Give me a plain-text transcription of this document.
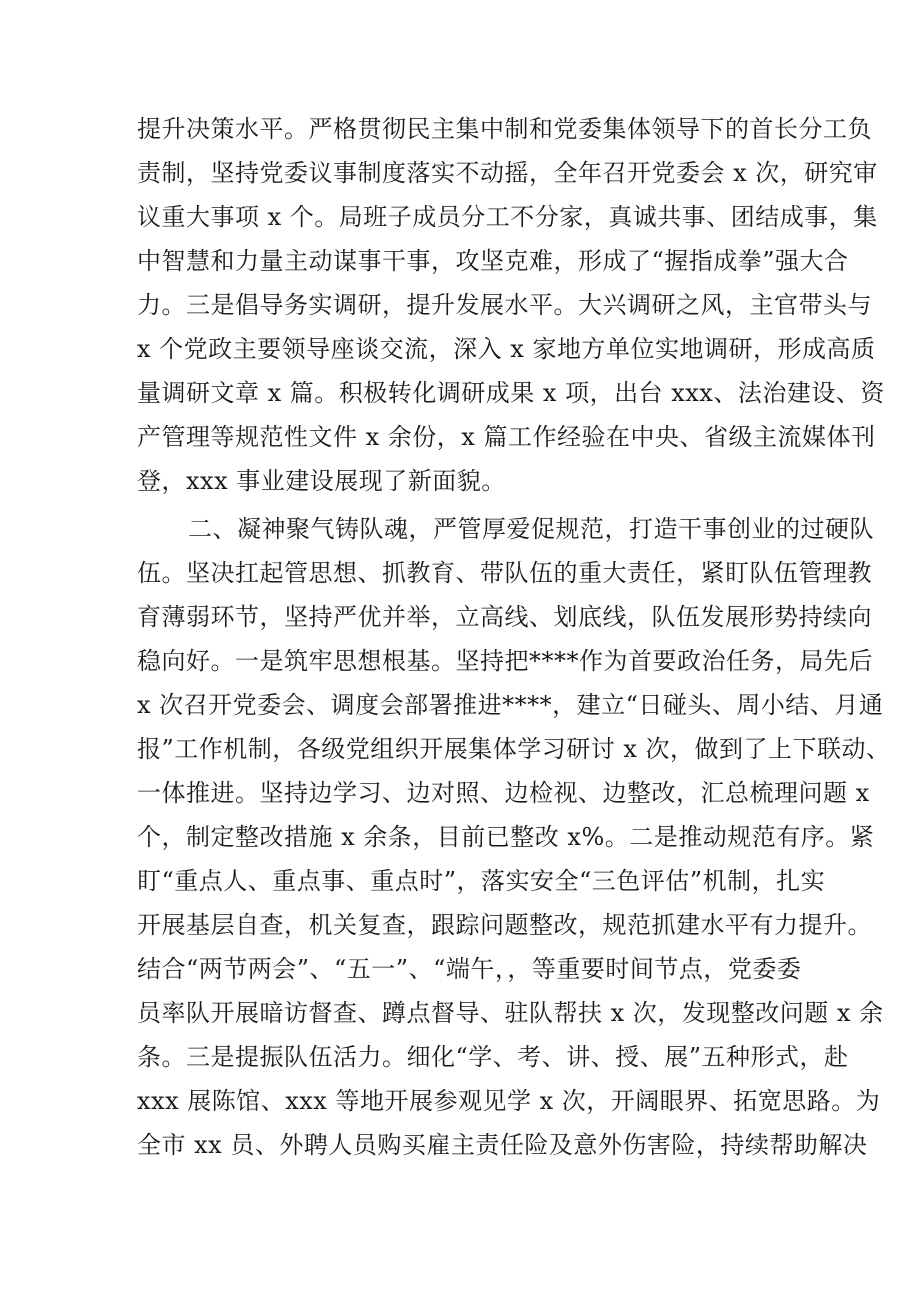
提升决策水平。严格贯彻民主集中制和党委集体领导下的首长分工负
责制，坚持党委议事制度落实不动摇，全年召开党委会 x 次，研究审
议重大事项 x 个。局班子成员分工不分家，真诚共事、团结成事，集
中智慧和力量主动谋事干事，攻坚克难，形成了“握指成拳”强大合
力。三是倡导务实调研，提升发展水平。大兴调研之风，主官带头与
x 个党政主要领导座谈交流，深入 x 家地方单位实地调研，形成高质
量调研文章 x 篇。积极转化调研成果 x 项，出台 xxx、法治建设、资
产管理等规范性文件 x 余份，x 篇工作经验在中央、省级主流媒体刊
登，xxx 事业建设展现了新面貌。
二、凝神聚气铸队魂，严管厚爱促规范，打造干事创业的过硬队
伍。坚决扛起管思想、抓教育、带队伍的重大责任，紧盯队伍管理教
育薄弱环节，坚持严优并举，立高线、划底线，队伍发展形势持续向
稳向好。一是筑牢思想根基。坚持把****作为首要政治任务，局先后
x 次召开党委会、调度会部署推进****，建立“日碰头、周小结、月通
报”工作机制，各级党组织开展集体学习研讨 x 次，做到了上下联动、
一体推进。坚持边学习、边对照、边检视、边整改，汇总梳理问题 x
个，制定整改措施 x 余条，目前已整改 x%。二是推动规范有序。紧
盯“重点人、重点事、重点时”，落实安全“三色评估”机制，扎实
开展基层自查，机关复查，跟踪问题整改，规范抓建水平有力提升。
结合“两节两会”、“五一”、“端午，，等重要时间节点，党委委
员率队开展暗访督查、蹲点督导、驻队帮扶 x 次，发现整改问题 x 余
条。三是提振队伍活力。细化“学、考、讲、授、展”五种形式，赴
xxx 展陈馆、xxx 等地开展参观见学 x 次，开阔眼界、拓宽思路。为
全市 xx 员、外聘人员购买雇主责任险及意外伤害险，持续帮助解决
